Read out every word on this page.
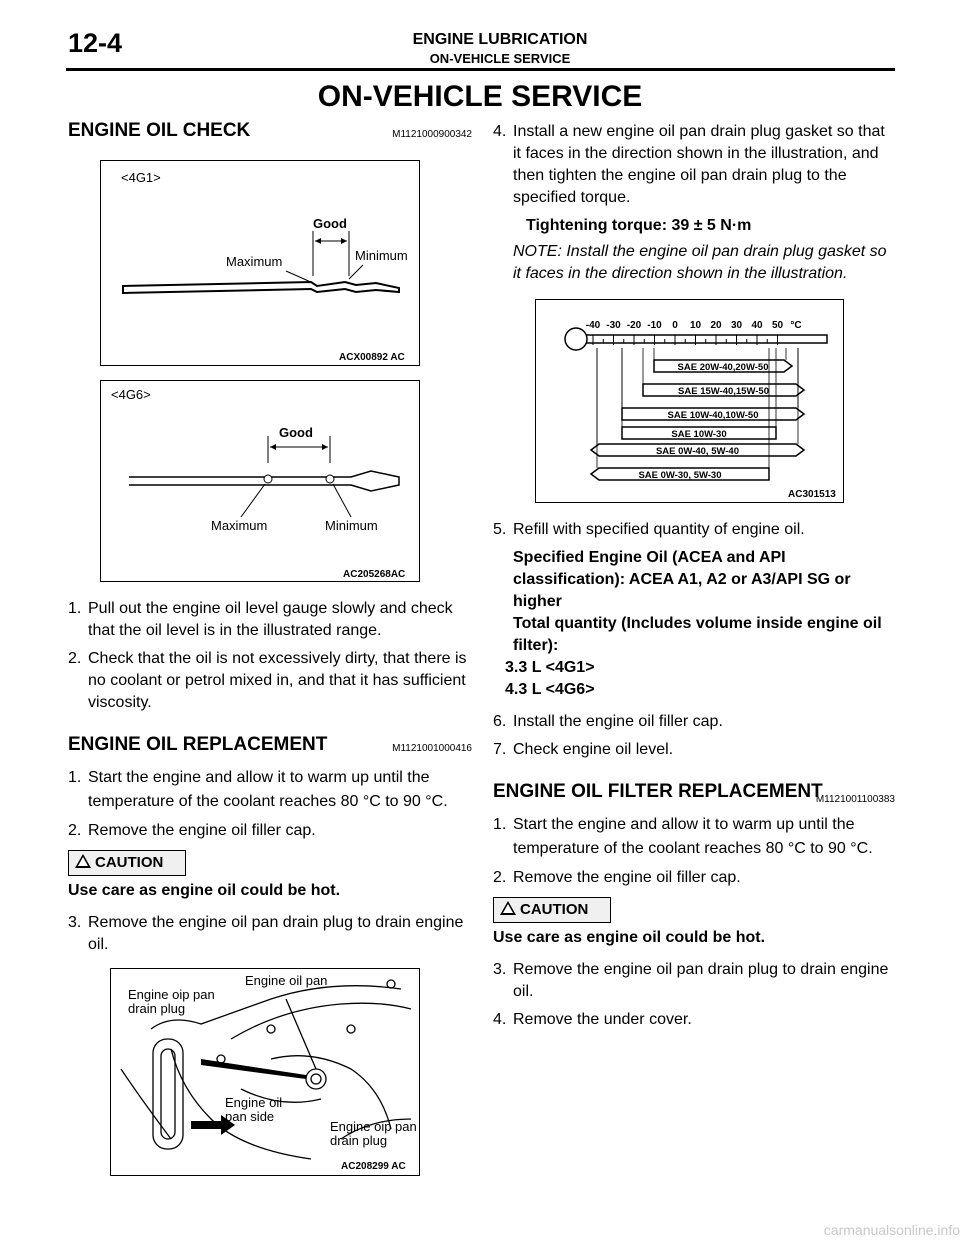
12-4	ENGINE LUBRICATION
ON-VEHICLE SERVICE
ON-VEHICLE SERVICE
ENGINE OIL CHECK	M1121000900342
<4G1>
Good
Maximum	Minimum
ACX00892 AC
<4G6>
Good
Maximum	Minimum
AC205268AC
1. Pull out the engine oil level gauge slowly and check that the oil level is in the illustrated range.
2. Check that the oil is not excessively dirty, that there is no coolant or petrol mixed in, and that it has sufficient viscosity.
ENGINE OIL REPLACEMENT	M1121001000416
1. Start the engine and allow it to warm up until the temperature of the coolant reaches 80 °C to 90 °C.
2. Remove the engine oil filler cap.
CAUTION
Use care as engine oil could be hot.
3. Remove the engine oil pan drain plug to drain engine oil.
Engine oip pan drain plug
Engine oil pan
Engine oil pan side
Engine oip pan drain plug
AC208299 AC
4. Install a new engine oil pan drain plug gasket so that it faces in the direction shown in the illustration, and then tighten the engine oil pan drain plug to the specified torque.
Tightening torque: 39 ± 5 N·m
NOTE: Install the engine oil pan drain plug gasket so it faces in the direction shown in the illustration.
-40 -30 -20 -10 0 10 20 30 40 50 °C
SAE 20W-40,20W-50
SAE 15W-40,15W-50
SAE 10W-40,10W-50
SAE 10W-30
SAE 0W-40, 5W-40
SAE 0W-30, 5W-30
AC301513
5. Refill with specified quantity of engine oil.
Specified Engine Oil (ACEA and API classification): ACEA A1, A2 or A3/API SG or higher
Total quantity (Includes volume inside engine oil filter):
3.3 L <4G1>
4.3 L <4G6>
6. Install the engine oil filler cap.
7. Check engine oil level.
ENGINE OIL FILTER REPLACEMENT
M1121001100383
1. Start the engine and allow it to warm up until the temperature of the coolant reaches 80 °C to 90 °C.
2. Remove the engine oil filler cap.
CAUTION
Use care as engine oil could be hot.
3. Remove the engine oil pan drain plug to drain engine oil.
4. Remove the under cover.
carmanualsonline.info
